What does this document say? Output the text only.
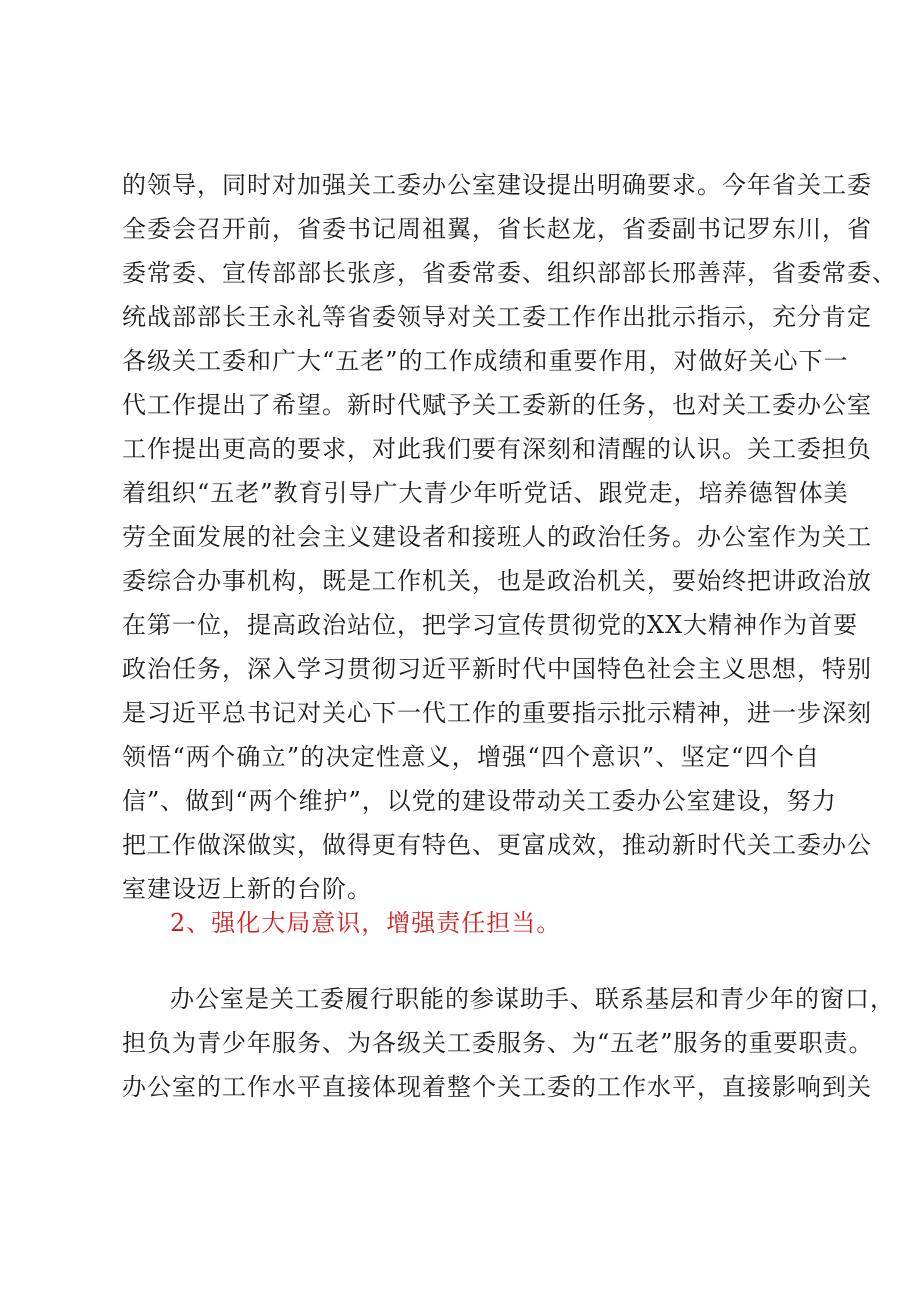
的领导，同时对加强关工委办公室建设提出明确要求。今年省关工委
全委会召开前，省委书记周祖翼，省长赵龙，省委副书记罗东川，省
委常委、宣传部部长张彦，省委常委、组织部部长邢善萍，省委常委、
统战部部长王永礼等省委领导对关工委工作作出批示指示，充分肯定
各级关工委和广大“五老”的工作成绩和重要作用，对做好关心下一
代工作提出了希望。新时代赋予关工委新的任务，也对关工委办公室
工作提出更高的要求，对此我们要有深刻和清醒的认识。关工委担负
着组织“五老”教育引导广大青少年听党话、跟党走，培养德智体美
劳全面发展的社会主义建设者和接班人的政治任务。办公室作为关工
委综合办事机构，既是工作机关，也是政治机关，要始终把讲政治放
在第一位，提高政治站位，把学习宣传贯彻党的XX大精神作为首要
政治任务，深入学习贯彻习近平新时代中国特色社会主义思想，特别
是习近平总书记对关心下一代工作的重要指示批示精神，进一步深刻
领悟“两个确立”的决定性意义，增强“四个意识”、坚定“四个自
信”、做到“两个维护”，以党的建设带动关工委办公室建设，努力
把工作做深做实，做得更有特色、更富成效，推动新时代关工委办公
室建设迈上新的台阶。
2、强化大局意识，增强责任担当。
办公室是关工委履行职能的参谋助手、联系基层和青少年的窗口，
担负为青少年服务、为各级关工委服务、为“五老”服务的重要职责。
办公室的工作水平直接体现着整个关工委的工作水平，直接影响到关
